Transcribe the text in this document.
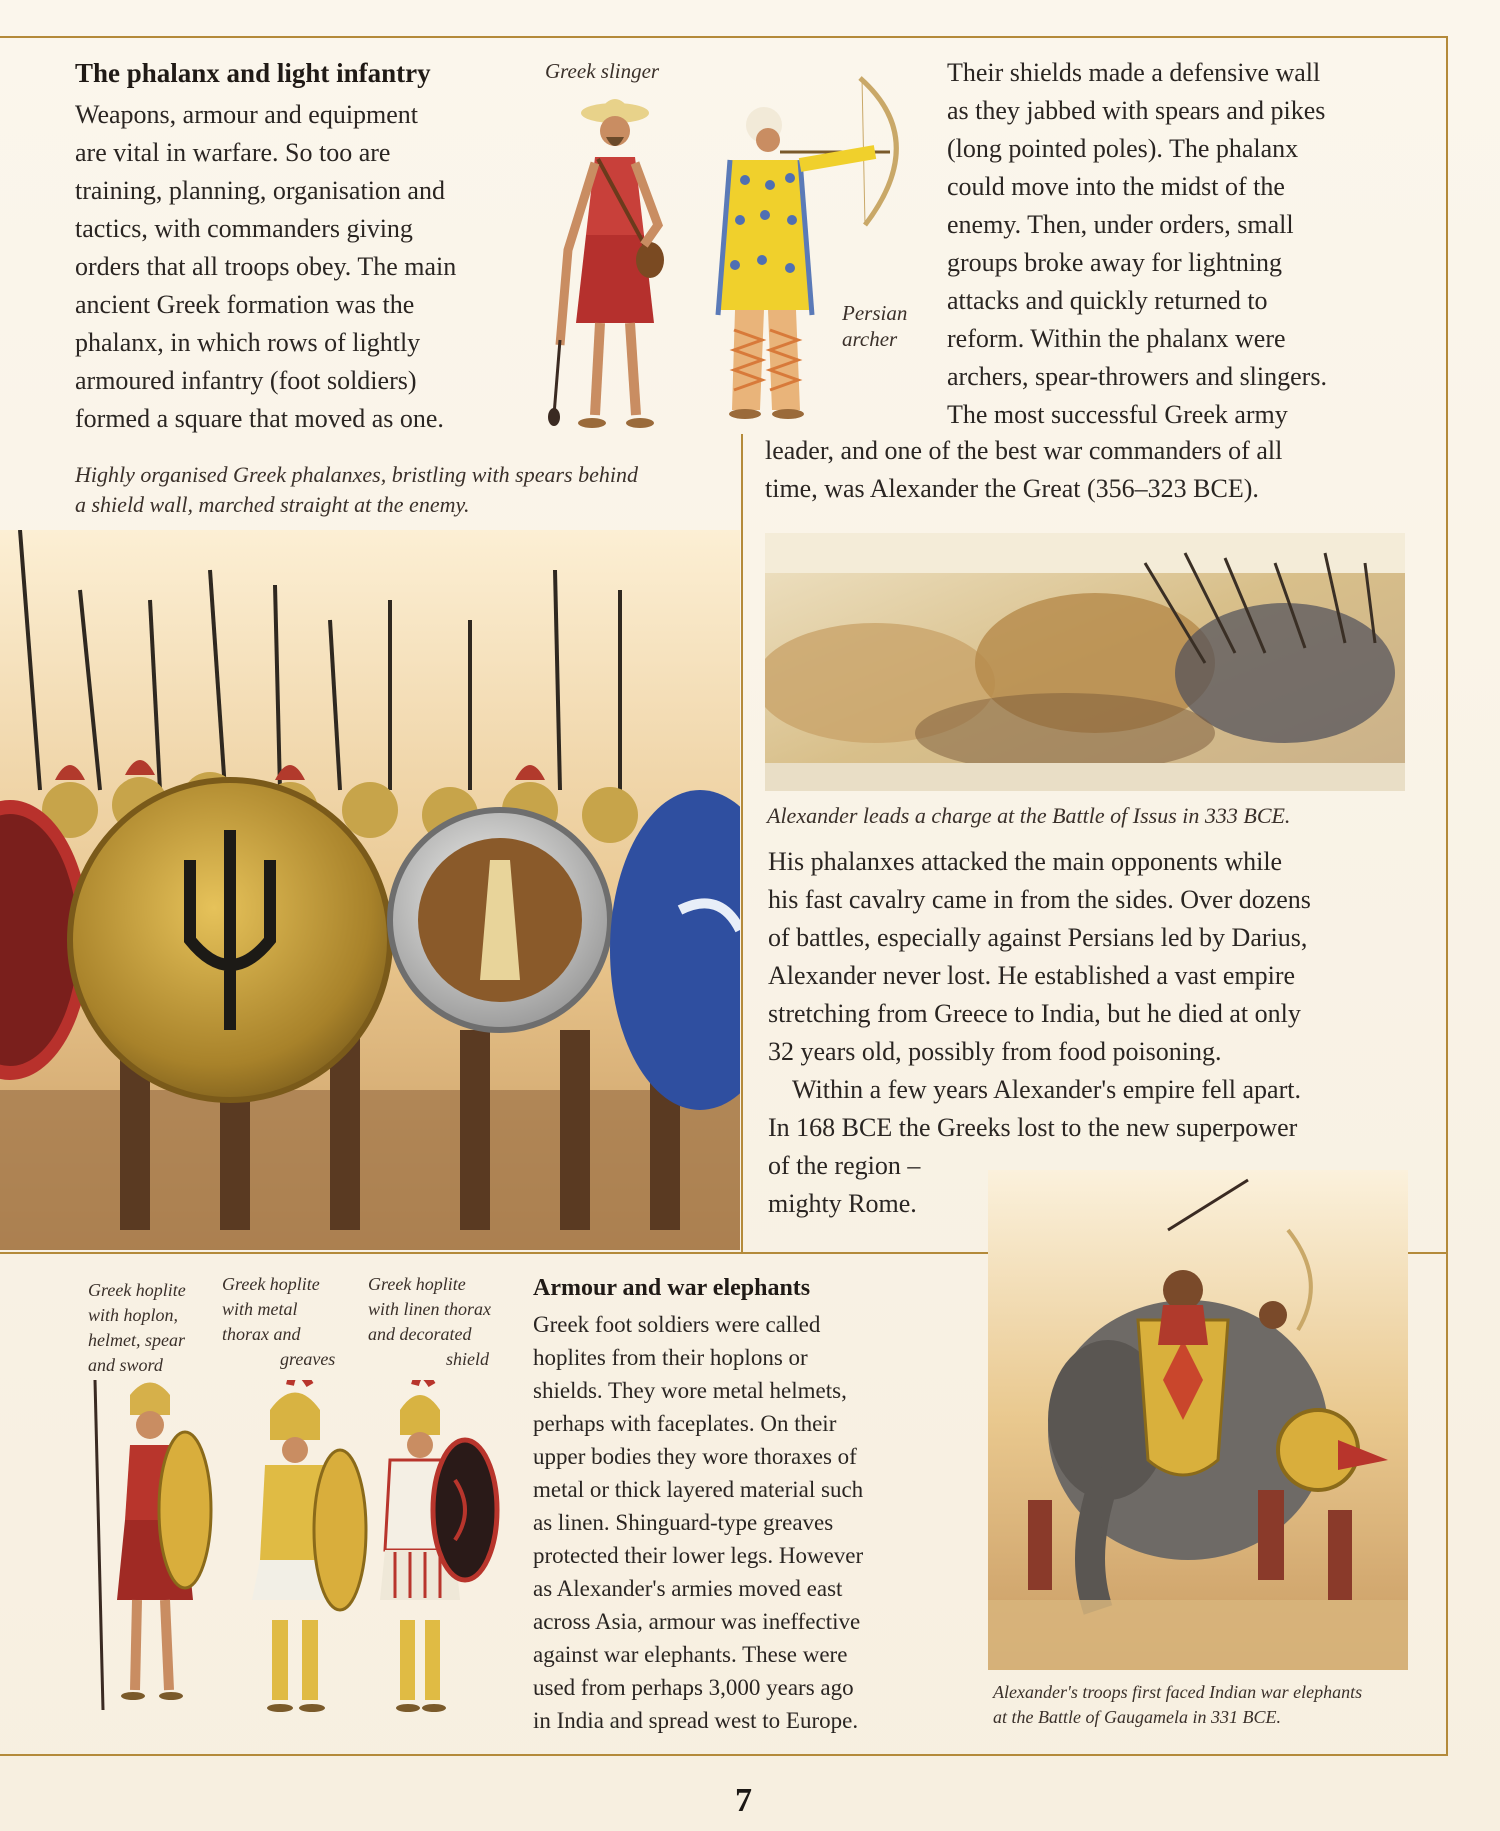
The phalanx and light infantry
Weapons, armour and equipment
are vital in warfare. So too are
training, planning, organisation and
tactics, with commanders giving
orders that all troops obey. The main
ancient Greek formation was the
phalanx, in which rows of lightly
armoured infantry (foot soldiers)
formed a square that moved as one.
Highly organised Greek phalanxes, bristling with spears behind
a shield wall, marched straight at the enemy.
Greek slinger
Persian
archer
Their shields made a defensive wall
as they jabbed with spears and pikes
(long pointed poles). The phalanx
could move into the midst of the
enemy. Then, under orders, small
groups broke away for lightning
attacks and quickly returned to
reform. Within the phalanx were
archers, spear-throwers and slingers.
The most successful Greek army
leader, and one of the best war commanders of all
time, was Alexander the Great (356–323 BCE).
Alexander leads a charge at the Battle of Issus in 333 BCE.
His phalanxes attacked the main opponents while
his fast cavalry came in from the sides. Over dozens
of battles, especially against Persians led by Darius,
Alexander never lost. He established a vast empire
stretching from Greece to India, but he died at only
32 years old, possibly from food poisoning.
Within a few years Alexander's empire fell apart.
In 168 BCE the Greeks lost to the new superpower
of the region –
mighty Rome.
Greek hoplite
with hoplon,
helmet, spear
and sword
Greek hoplite
with metal
thorax and
greaves
Greek hoplite
with linen thorax
and decorated
shield
Armour and war elephants
Greek foot soldiers were called
hoplites from their hoplons or
shields. They wore metal helmets,
perhaps with faceplates. On their
upper bodies they wore thoraxes of
metal or thick layered material such
as linen. Shinguard-type greaves
protected their lower legs. However
as Alexander's armies moved east
across Asia, armour was ineffective
against war elephants. These were
used from perhaps 3,000 years ago
in India and spread west to Europe.
Alexander's troops first faced Indian war elephants
at the Battle of Gaugamela in 331 BCE.
7
